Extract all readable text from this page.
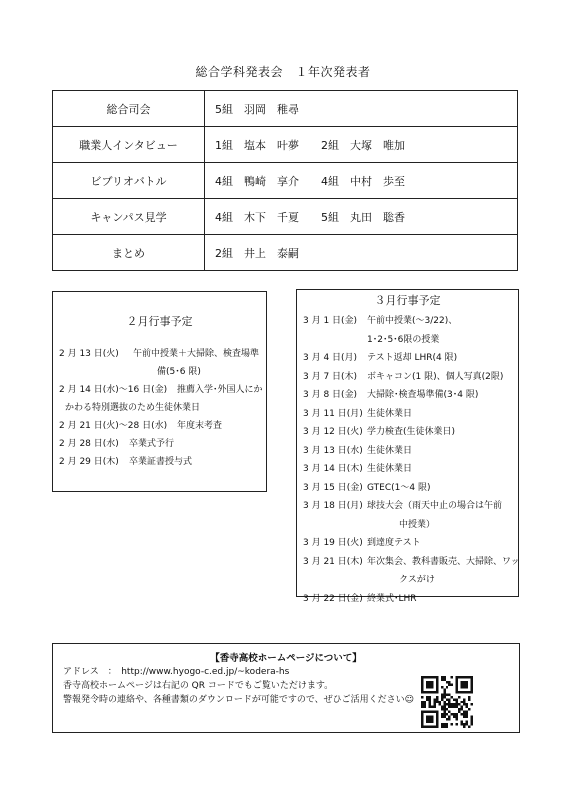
総合学科発表会　１年次発表者
総合司会	5組　羽岡　稚尋
職業人インタビュー	1組　塩本　叶夢　　2組　大塚　唯加
ビブリオバトル	4組　鴨崎　享介　　4組　中村　歩至
キャンパス見学	4組　木下　千夏　　5組　丸田　聡香
まとめ	2組　井上　泰嗣
２月行事予定
2 月 13 日(火) 午前中授業＋大掃除、検査場準
備(5･6 限)
2 月 14 日(水)～16 日(金) 推薦入学･外国人にか
かわる特別選抜のため生徒休業日
2 月 21 日(火)～28 日(水) 年度末考査
2 月 28 日(水) 卒業式予行
2 月 29 日(木) 卒業証書授与式
３月行事予定
3 月 1 日(金) 午前中授業(～3/22)、
1･2･5･6限の授業
3 月 4 日(月) テスト返却 LHR(4 限)
3 月 7 日(木) ボキャコン(1 限)、個人写真(2限)
3 月 8 日(金) 大掃除･検査場準備(3･4 限)
3 月 11 日(月) 生徒休業日
3 月 12 日(火) 学力検査(生徒休業日)
3 月 13 日(水) 生徒休業日
3 月 14 日(木) 生徒休業日
3 月 15 日(金) GTEC(1～4 限)
3 月 18 日(月) 球技大会（雨天中止の場合は午前
中授業）
3 月 19 日(火) 到達度テスト
3 月 21 日(木) 年次集会、教科書販売、大掃除、ワッ
クスがけ
3 月 22 日(金) 終業式･LHR
【香寺高校ホームページについて】
アドレス　：　http://www.hyogo-c.ed.jp/~kodera-hs
香寺高校ホームページは右記の QR コードでもご覧いただけます。
警報発令時の連絡や、各種書類のダウンロードが可能ですので、ぜひご活用ください☺
